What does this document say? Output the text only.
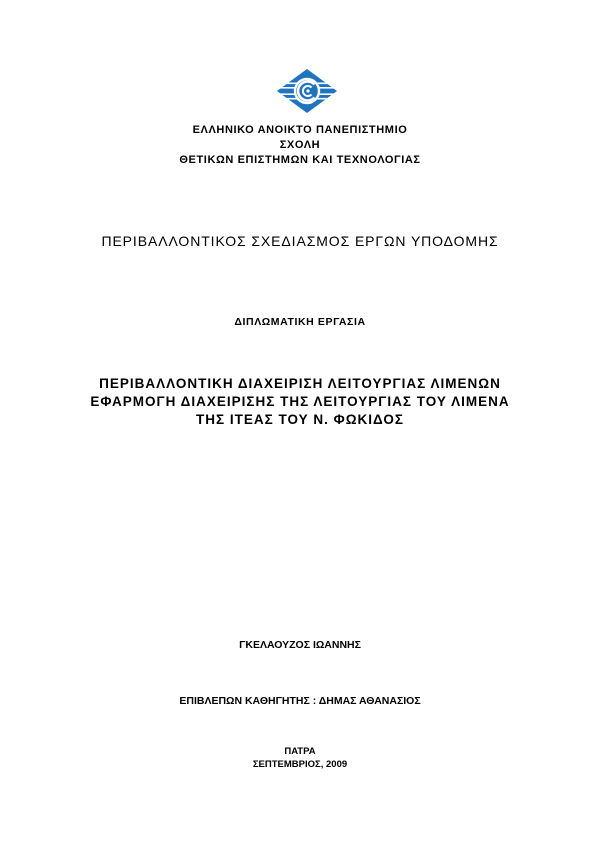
ΕΛΛΗΝΙΚΟ ΑΝΟΙΚΤΟ ΠΑΝΕΠΙΣΤΗΜΙΟ
ΣΧΟΛΗ
ΘΕΤΙΚΩΝ ΕΠΙΣΤΗΜΩΝ ΚΑΙ ΤΕΧΝΟΛΟΓΙΑΣ
ΠΕΡΙΒΑΛΛΟΝΤΙΚΟΣ ΣΧΕΔΙΑΣΜΟΣ ΕΡΓΩΝ ΥΠΟΔΟΜΗΣ
ΔΙΠΛΩΜΑΤΙΚΗ ΕΡΓΑΣΙΑ
ΠΕΡΙΒΑΛΛΟΝΤΙΚΗ ΔΙΑΧΕΙΡΙΣΗ ΛΕΙΤΟΥΡΓΙΑΣ ΛΙΜΕΝΩΝ
ΕΦΑΡΜΟΓΗ ΔΙΑΧΕΙΡΙΣΗΣ ΤΗΣ ΛΕΙΤΟΥΡΓΙΑΣ ΤΟΥ ΛΙΜΕΝΑ
ΤΗΣ ΙΤΕΑΣ ΤΟΥ Ν. ΦΩΚΙΔΟΣ
ΓΚΕΛΑΟΥΖΟΣ ΙΩΑΝΝΗΣ
ΕΠΙΒΛΕΠΩΝ ΚΑΘΗΓΗΤΗΣ : ΔΗΜΑΣ ΑΘΑΝΑΣΙΟΣ
ΠΑΤΡΑ
ΣΕΠΤΕΜΒΡΙΟΣ, 2009
